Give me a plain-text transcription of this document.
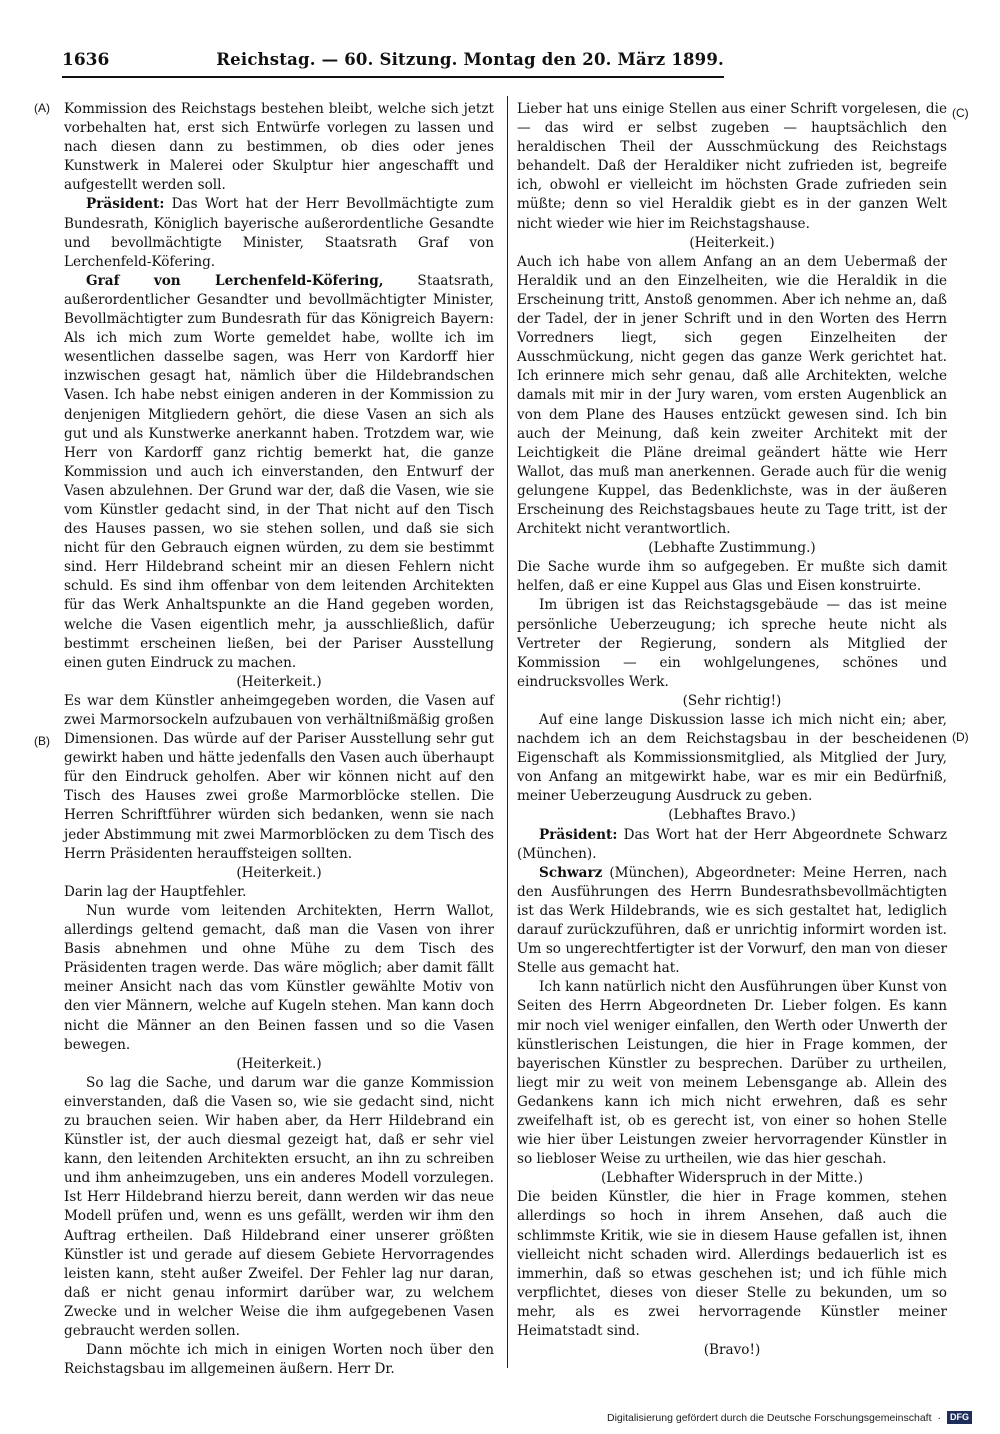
1636	Reichstag. — 60. Sitzung. Montag den 20. März 1899.
(A)
(B)
(C)
(D)

Kommission des Reichstags bestehen bleibt, welche sich jetzt vorbehalten hat, erst sich Entwürfe vorlegen zu lassen und nach diesen dann zu bestimmen, ob dies oder jenes Kunstwerk in Malerei oder Skulptur hier angeschafft und aufgestellt werden soll.

Präsident: Das Wort hat der Herr Bevollmächtigte zum Bundesrath, Königlich bayerische außerordentliche Gesandte und bevollmächtigte Minister, Staatsrath Graf von Lerchenfeld-Köfering.

Graf von Lerchenfeld-Köfering, Staatsrath, außerordentlicher Gesandter und bevollmächtigter Minister, Bevollmächtigter zum Bundesrath für das Königreich Bayern: Als ich mich zum Worte gemeldet habe, wollte ich im wesentlichen dasselbe sagen, was Herr von Kardorff hier inzwischen gesagt hat, nämlich über die Hildebrandschen Vasen. Ich habe nebst einigen anderen in der Kommission zu denjenigen Mitgliedern gehört, die diese Vasen an sich als gut und als Kunstwerke anerkannt haben. Trotzdem war, wie Herr von Kardorff ganz richtig bemerkt hat, die ganze Kommission und auch ich einverstanden, den Entwurf der Vasen abzulehnen. Der Grund war der, daß die Vasen, wie sie vom Künstler gedacht sind, in der That nicht auf den Tisch des Hauses passen, wo sie stehen sollen, und daß sie sich nicht für den Gebrauch eignen würden, zu dem sie bestimmt sind. Herr Hildebrand scheint mir an diesen Fehlern nicht schuld. Es sind ihm offenbar von dem leitenden Architekten für das Werk Anhaltspunkte an die Hand gegeben worden, welche die Vasen eigentlich mehr, ja ausschließlich, dafür bestimmt erscheinen ließen, bei der Pariser Ausstellung einen guten Eindruck zu machen.

(Heiterkeit.)

Es war dem Künstler anheimgegeben worden, die Vasen auf zwei Marmorsockeln aufzubauen von verhältnißmäßig großen Dimensionen. Das würde auf der Pariser Ausstellung sehr gut gewirkt haben und hätte jedenfalls den Vasen auch überhaupt für den Eindruck geholfen. Aber wir können nicht auf den Tisch des Hauses zwei große Marmorblöcke stellen. Die Herren Schriftführer würden sich bedanken, wenn sie nach jeder Abstimmung mit zwei Marmorblöcken zu dem Tisch des Herrn Präsidenten herauffsteigen sollten.

(Heiterkeit.)

Darin lag der Hauptfehler.

Nun wurde vom leitenden Architekten, Herrn Wallot, allerdings geltend gemacht, daß man die Vasen von ihrer Basis abnehmen und ohne Mühe zu dem Tisch des Präsidenten tragen werde. Das wäre möglich; aber damit fällt meiner Ansicht nach das vom Künstler gewählte Motiv von den vier Männern, welche auf Kugeln stehen. Man kann doch nicht die Männer an den Beinen fassen und so die Vasen bewegen.

(Heiterkeit.)

So lag die Sache, und darum war die ganze Kommission einverstanden, daß die Vasen so, wie sie gedacht sind, nicht zu brauchen seien. Wir haben aber, da Herr Hildebrand ein Künstler ist, der auch diesmal gezeigt hat, daß er sehr viel kann, den leitenden Architekten ersucht, an ihn zu schreiben und ihm anheimzugeben, uns ein anderes Modell vorzulegen. Ist Herr Hildebrand hierzu bereit, dann werden wir das neue Modell prüfen und, wenn es uns gefällt, werden wir ihm den Auftrag ertheilen. Daß Hildebrand einer unserer größten Künstler ist und gerade auf diesem Gebiete Hervorragendes leisten kann, steht außer Zweifel. Der Fehler lag nur daran, daß er nicht genau informirt darüber war, zu welchem Zwecke und in welcher Weise die ihm aufgegebenen Vasen gebraucht werden sollen.

Dann möchte ich mich in einigen Worten noch über den Reichstagsbau im allgemeinen äußern. Herr Dr.

Lieber hat uns einige Stellen aus einer Schrift vorgelesen, die — das wird er selbst zugeben — hauptsächlich den heraldischen Theil der Ausschmückung des Reichstags behandelt. Daß der Heraldiker nicht zufrieden ist, begreife ich, obwohl er vielleicht im höchsten Grade zufrieden sein müßte; denn so viel Heraldik giebt es in der ganzen Welt nicht wieder wie hier im Reichstagshause.

(Heiterkeit.)

Auch ich habe von allem Anfang an an dem Uebermaß der Heraldik und an den Einzelheiten, wie die Heraldik in die Erscheinung tritt, Anstoß genommen. Aber ich nehme an, daß der Tadel, der in jener Schrift und in den Worten des Herrn Vorredners liegt, sich gegen Einzelheiten der Ausschmückung, nicht gegen das ganze Werk gerichtet hat. Ich erinnere mich sehr genau, daß alle Architekten, welche damals mit mir in der Jury waren, vom ersten Augenblick an von dem Plane des Hauses entzückt gewesen sind. Ich bin auch der Meinung, daß kein zweiter Architekt mit der Leichtigkeit die Pläne dreimal geändert hätte wie Herr Wallot, das muß man anerkennen. Gerade auch für die wenig gelungene Kuppel, das Bedenklichste, was in der äußeren Erscheinung des Reichstagsbaues heute zu Tage tritt, ist der Architekt nicht verantwortlich.

(Lebhafte Zustimmung.)

Die Sache wurde ihm so aufgegeben. Er mußte sich damit helfen, daß er eine Kuppel aus Glas und Eisen konstruirte.

Im übrigen ist das Reichstagsgebäude — das ist meine persönliche Ueberzeugung; ich spreche heute nicht als Vertreter der Regierung, sondern als Mitglied der Kommission — ein wohlgelungenes, schönes und eindrucksvolles Werk.

(Sehr richtig!)

Auf eine lange Diskussion lasse ich mich nicht ein; aber, nachdem ich an dem Reichstagsbau in der bescheidenen Eigenschaft als Kommissionsmitglied, als Mitglied der Jury, von Anfang an mitgewirkt habe, war es mir ein Bedürfniß, meiner Ueberzeugung Ausdruck zu geben.

(Lebhaftes Bravo.)

Präsident: Das Wort hat der Herr Abgeordnete Schwarz (München).

Schwarz (München), Abgeordneter: Meine Herren, nach den Ausführungen des Herrn Bundesrathsbevollmächtigten ist das Werk Hildebrands, wie es sich gestaltet hat, lediglich darauf zurückzuführen, daß er unrichtig informirt worden ist. Um so ungerechtfertigter ist der Vorwurf, den man von dieser Stelle aus gemacht hat.

Ich kann natürlich nicht den Ausführungen über Kunst von Seiten des Herrn Abgeordneten Dr. Lieber folgen. Es kann mir noch viel weniger einfallen, den Werth oder Unwerth der künstlerischen Leistungen, die hier in Frage kommen, der bayerischen Künstler zu besprechen. Darüber zu urtheilen, liegt mir zu weit von meinem Lebensgange ab. Allein des Gedankens kann ich mich nicht erwehren, daß es sehr zweifelhaft ist, ob es gerecht ist, von einer so hohen Stelle wie hier über Leistungen zweier hervorragender Künstler in so liebloser Weise zu urtheilen, wie das hier geschah.

(Lebhafter Widerspruch in der Mitte.)

Die beiden Künstler, die hier in Frage kommen, stehen allerdings so hoch in ihrem Ansehen, daß auch die schlimmste Kritik, wie sie in diesem Hause gefallen ist, ihnen vielleicht nicht schaden wird. Allerdings bedauerlich ist es immerhin, daß so etwas geschehen ist; und ich fühle mich verpflichtet, dieses von dieser Stelle zu bekunden, um so mehr, als es zwei hervorragende Künstler meiner Heimatstadt sind.

(Bravo!)

Digitalisierung gefördert durch die Deutsche Forschungsgemeinschaft ·	DFG
